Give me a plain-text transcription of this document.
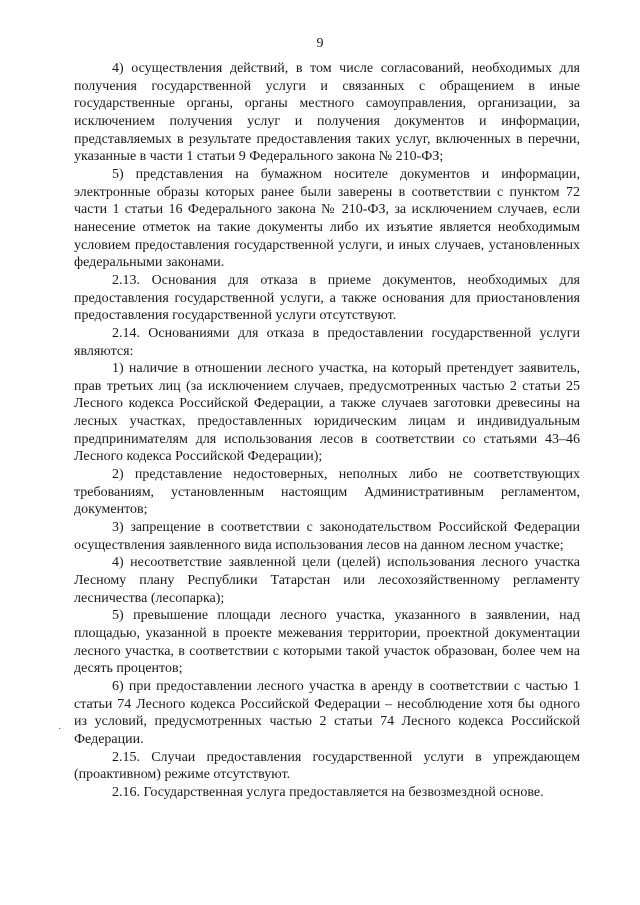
9

4) осуществления действий, в том числе согласований, необходимых для получения государственной услуги и связанных с обращением в иные государственные органы, органы местного самоуправления, организации, за исключением получения услуг и получения документов и информации, представляемых в результате предоставления таких услуг, включенных в перечни, указанные в части 1 статьи 9 Федерального закона № 210-ФЗ;

5) представления на бумажном носителе документов и информации, электронные образы которых ранее были заверены в соответствии с пунктом 72 части 1 статьи 16 Федерального закона № 210-ФЗ, за исключением случаев, если нанесение отметок на такие документы либо их изъятие является необходимым условием предоставления государственной услуги, и иных случаев, установленных федеральными законами.

2.13. Основания для отказа в приеме документов, необходимых для предоставления государственной услуги, а также основания для приостановления предоставления государственной услуги отсутствуют.

2.14. Основаниями для отказа в предоставлении государственной услуги являются:

1) наличие в отношении лесного участка, на который претендует заявитель, прав третьих лиц (за исключением случаев, предусмотренных частью 2 статьи 25 Лесного кодекса Российской Федерации, а также случаев заготовки древесины на лесных участках, предоставленных юридическим лицам и индивидуальным предпринимателям для использования лесов в соответствии со статьями 43–46 Лесного кодекса Российской Федерации);

2) представление недостоверных, неполных либо не соответствующих требованиям, установленным настоящим Административным регламентом, документов;

3) запрещение в соответствии с законодательством Российской Федерации осуществления заявленного вида использования лесов на данном лесном участке;

4) несоответствие заявленной цели (целей) использования лесного участка Лесному плану Республики Татарстан или лесохозяйственному регламенту лесничества (лесопарка);

5) превышение площади лесного участка, указанного в заявлении, над площадью, указанной в проекте межевания территории, проектной документации лесного участка, в соответствии с которыми такой участок образован, более чем на десять процентов;

6) при предоставлении лесного участка в аренду в соответствии с частью 1 статьи 74 Лесного кодекса Российской Федерации – несоблюдение хотя бы одного из условий, предусмотренных частью 2 статьи 74 Лесного кодекса Российской Федерации.

2.15. Случаи предоставления государственной услуги в упреждающем (проактивном) режиме отсутствуют.

2.16. Государственная услуга предоставляется на безвозмездной основе.

·
